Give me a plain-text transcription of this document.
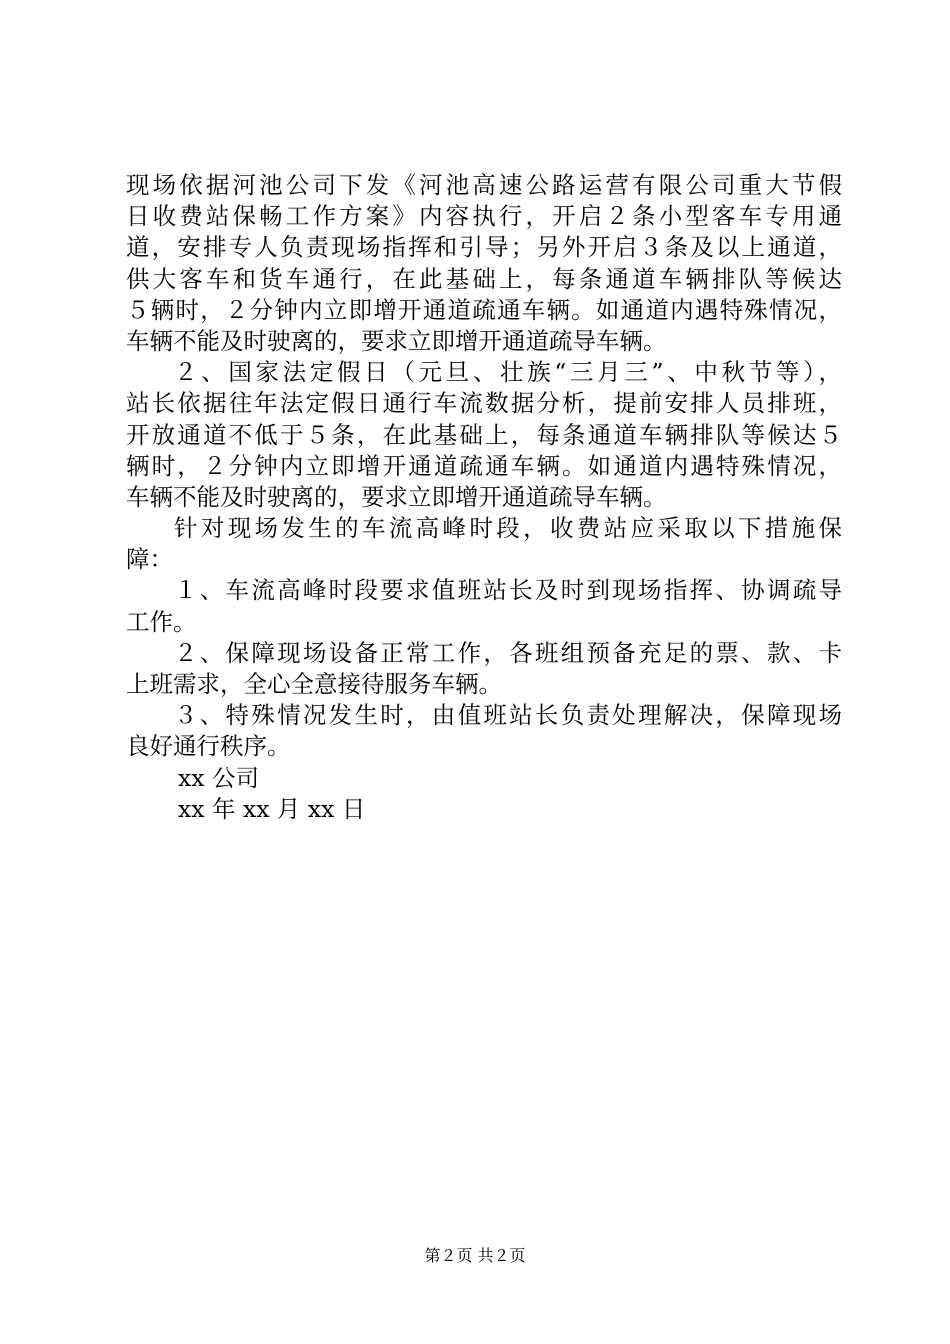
现场依据河池公司下发《河池高速公路运营有限公司重大节假
日收费站保畅工作方案》内容执行，开启２条小型客车专用通
道，安排专人负责现场指挥和引导；另外开启３条及以上通道，
供大客车和货车通行，在此基础上，每条通道车辆排队等候达
５辆时，２分钟内立即增开通道疏通车辆。如通道内遇特殊情况，
车辆不能及时驶离的，要求立即增开通道疏导车辆。
２、国家法定假日（元旦、壮族“三月三”、中秋节等），
站长依据往年法定假日通行车流数据分析，提前安排人员排班，
开放通道不低于５条，在此基础上，每条通道车辆排队等候达５
辆时，２分钟内立即增开通道疏通车辆。如通道内遇特殊情况，
车辆不能及时驶离的，要求立即增开通道疏导车辆。
针对现场发生的车流高峰时段，收费站应采取以下措施保
障：
１、车流高峰时段要求值班站长及时到现场指挥、协调疏导
工作。
２、保障现场设备正常工作，各班组预备充足的票、款、卡
上班需求，全心全意接待服务车辆。
３、特殊情况发生时，由值班站长负责处理解决，保障现场
良好通行秩序。
xx 公司
xx 年 xx 月 xx 日
第２页 共２页
